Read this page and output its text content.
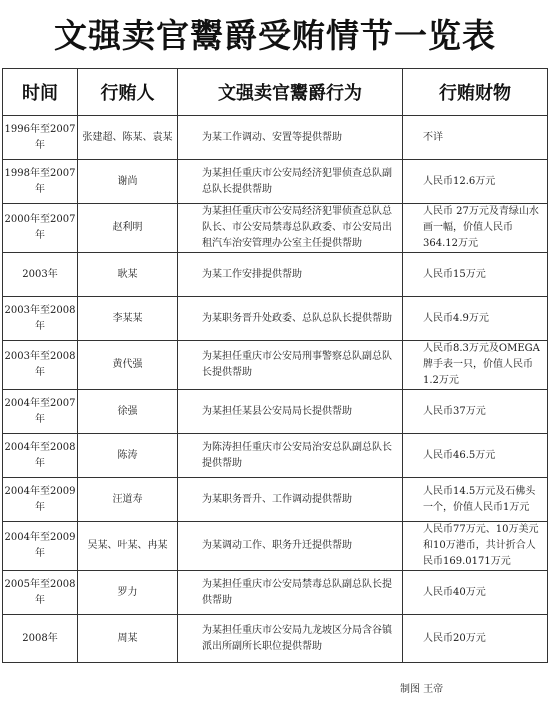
文强卖官鬻爵受贿情节一览表
时间	行贿人	文强卖官鬻爵行为	行贿财物
1996年至2007年	张建超、陈某、袁某	为某工作调动、安置等提供帮助	不详

1998年至2007年	谢尚	为某担任重庆市公安局经济犯罪侦查总队副总队长提供帮助	人民币12.6万元

2000年至2007年	赵利明	为某担任重庆市公安局经济犯罪侦查总队总队长、市公安局禁毒总队政委、市公安局出租汽车治安管理办公室主任提供帮助	人民币 27万元及青绿山水画一幅，价值人民币364.12万元

2003年	耿某	为某工作安排提供帮助	人民币15万元

2003年至2008年	李某某	为某职务晋升处政委、总队总队长提供帮助	人民币4.9万元

2003年至2008年	黄代强	为某担任重庆市公安局刑事警察总队副总队长提供帮助	人民币8.3万元及OMEGA牌手表一只，价值人民币1.2万元

2004年至2007年	徐强	为某担任某县公安局局长提供帮助	人民币37万元

2004年至2008年	陈涛	为陈涛担任重庆市公安局治安总队副总队长提供帮助	人民币46.5万元

2004年至2009年	汪道寿	为某职务晋升、工作调动提供帮助	人民币14.5万元及石佛头一个，价值人民币1万元

2004年至2009年	吴某、叶某、冉某	为某调动工作、职务升迁提供帮助	人民币77万元、10万美元和10万港币，共计折合人民币169.0171万元

2005年至2008年	罗力	为某担任重庆市公安局禁毒总队副总队长提供帮助	人民币40万元

2008年	周某	为某担任重庆市公安局九龙坡区分局含谷镇派出所副所长职位提供帮助	人民币20万元
制图 王帝
